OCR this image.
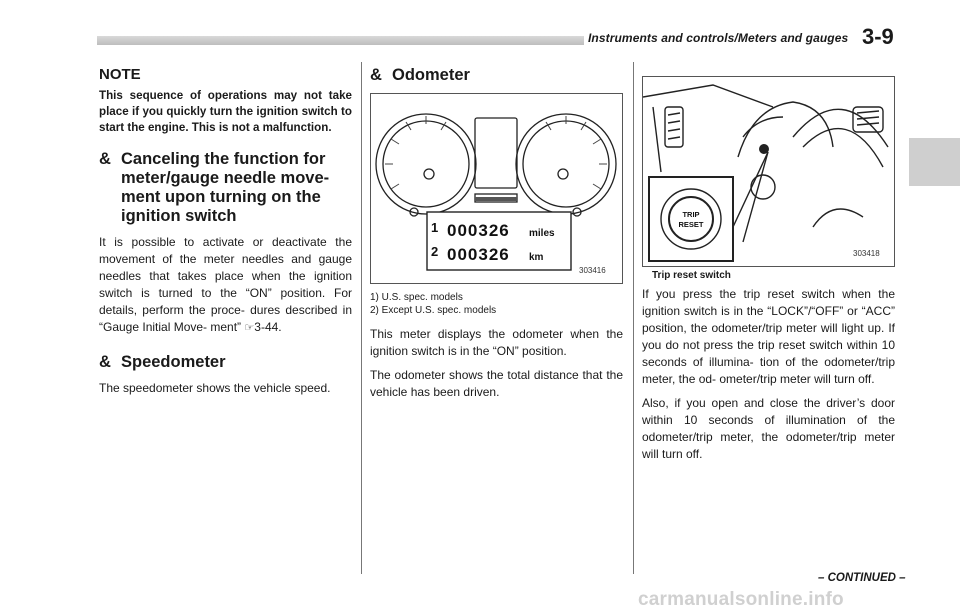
Instruments and controls/Meters and gauges 3-9
NOTE

This sequence of operations may not take place if you quickly turn the ignition switch to start the engine. This is not a malfunction.

& Canceling the function for meter/gauge needle move- ment upon turning on the ignition switch

It is possible to activate or deactivate the movement of the meter needles and gauge needles that takes place when the ignition switch is turned to the “ON” position. For details, perform the proce- dures described in “Gauge Initial Move- ment” ☞3-44.

& Speedometer

The speedometer shows the vehicle speed.

& Odometer
1 000326 miles
2 000326 km
303416
1) U.S. spec. models
2) Except U.S. spec. models

This meter displays the odometer when the ignition switch is in the “ON” position.

The odometer shows the total distance that the vehicle has been driven.

TRIP
RESET
303418
Trip reset switch

If you press the trip reset switch when the ignition switch is in the “LOCK”/“OFF” or “ACC” position, the odometer/trip meter will light up. If you do not press the trip reset switch within 10 seconds of illumina- tion of the odometer/trip meter, the od- ometer/trip meter will turn off.

Also, if you open and close the driver’s door within 10 seconds of illumination of the odometer/trip meter, the odometer/trip meter will turn off.

– CONTINUED –
carmanualsonline.info
